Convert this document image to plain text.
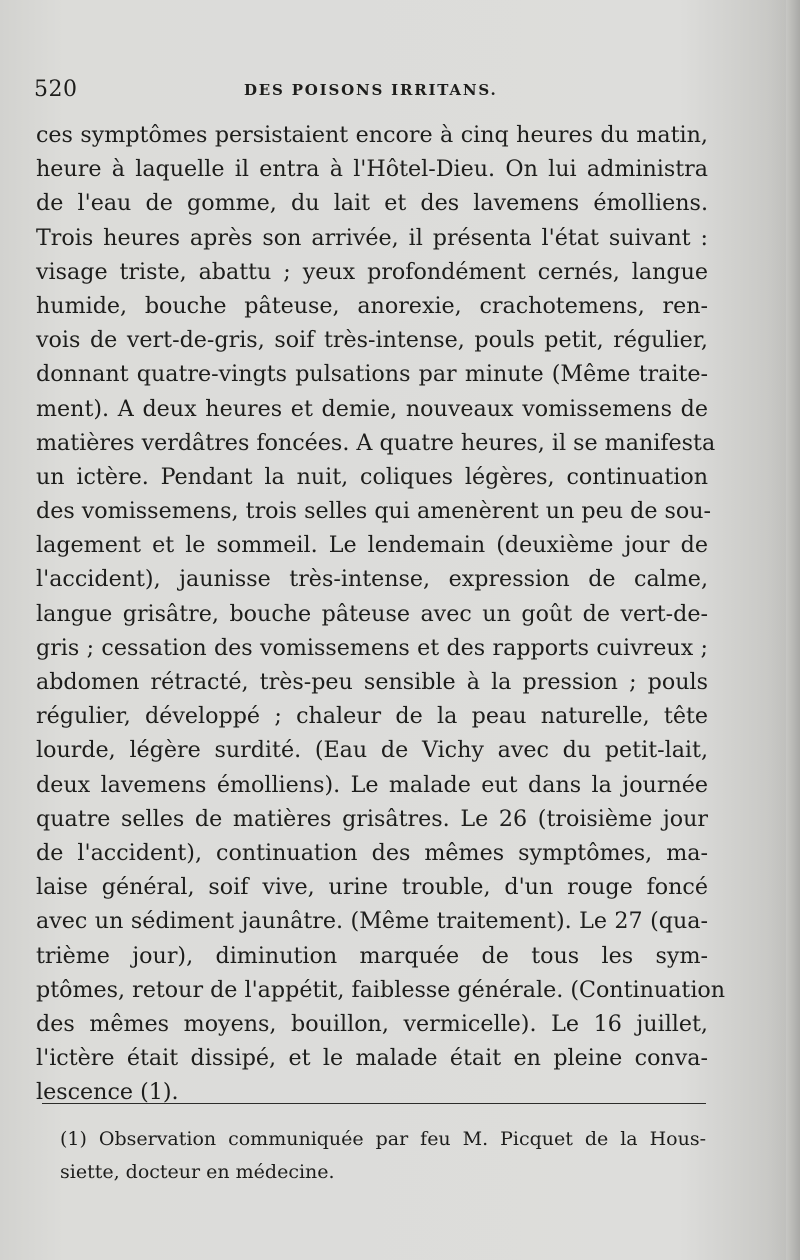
520	DES POISONS IRRITANS.
ces symptômes persistaient encore à cinq heures du matin,
heure à laquelle il entra à l'Hôtel-Dieu. On lui administra
de l'eau de gomme, du lait et des lavemens émolliens.
Trois heures après son arrivée, il présenta l'état suivant :
visage triste, abattu ; yeux profondément cernés, langue
humide, bouche pâteuse, anorexie, crachotemens, ren-
vois de vert-de-gris, soif très-intense, pouls petit, régulier,
donnant quatre-vingts pulsations par minute (Même traite-
ment). A deux heures et demie, nouveaux vomissemens de
matières verdâtres foncées. A quatre heures, il se manifesta
un ictère. Pendant la nuit, coliques légères, continuation
des vomissemens, trois selles qui amenèrent un peu de sou-
lagement et le sommeil. Le lendemain (deuxième jour de
l'accident), jaunisse très-intense, expression de calme,
langue grisâtre, bouche pâteuse avec un goût de vert-de-
gris ; cessation des vomissemens et des rapports cuivreux ;
abdomen rétracté, très-peu sensible à la pression ; pouls
régulier, développé ; chaleur de la peau naturelle, tête
lourde, légère surdité. (Eau de Vichy avec du petit-lait,
deux lavemens émolliens). Le malade eut dans la journée
quatre selles de matières grisâtres. Le 26 (troisième jour
de l'accident), continuation des mêmes symptômes, ma-
laise général, soif vive, urine trouble, d'un rouge foncé
avec un sédiment jaunâtre. (Même traitement). Le 27 (qua-
trième jour), diminution marquée de tous les sym-
ptômes, retour de l'appétit, faiblesse générale. (Continuation
des mêmes moyens, bouillon, vermicelle). Le 16 juillet,
l'ictère était dissipé, et le malade était en pleine conva-
lescence (1).
(1) Observation communiquée par feu M. Picquet de la Hous-
siette, docteur en médecine.
